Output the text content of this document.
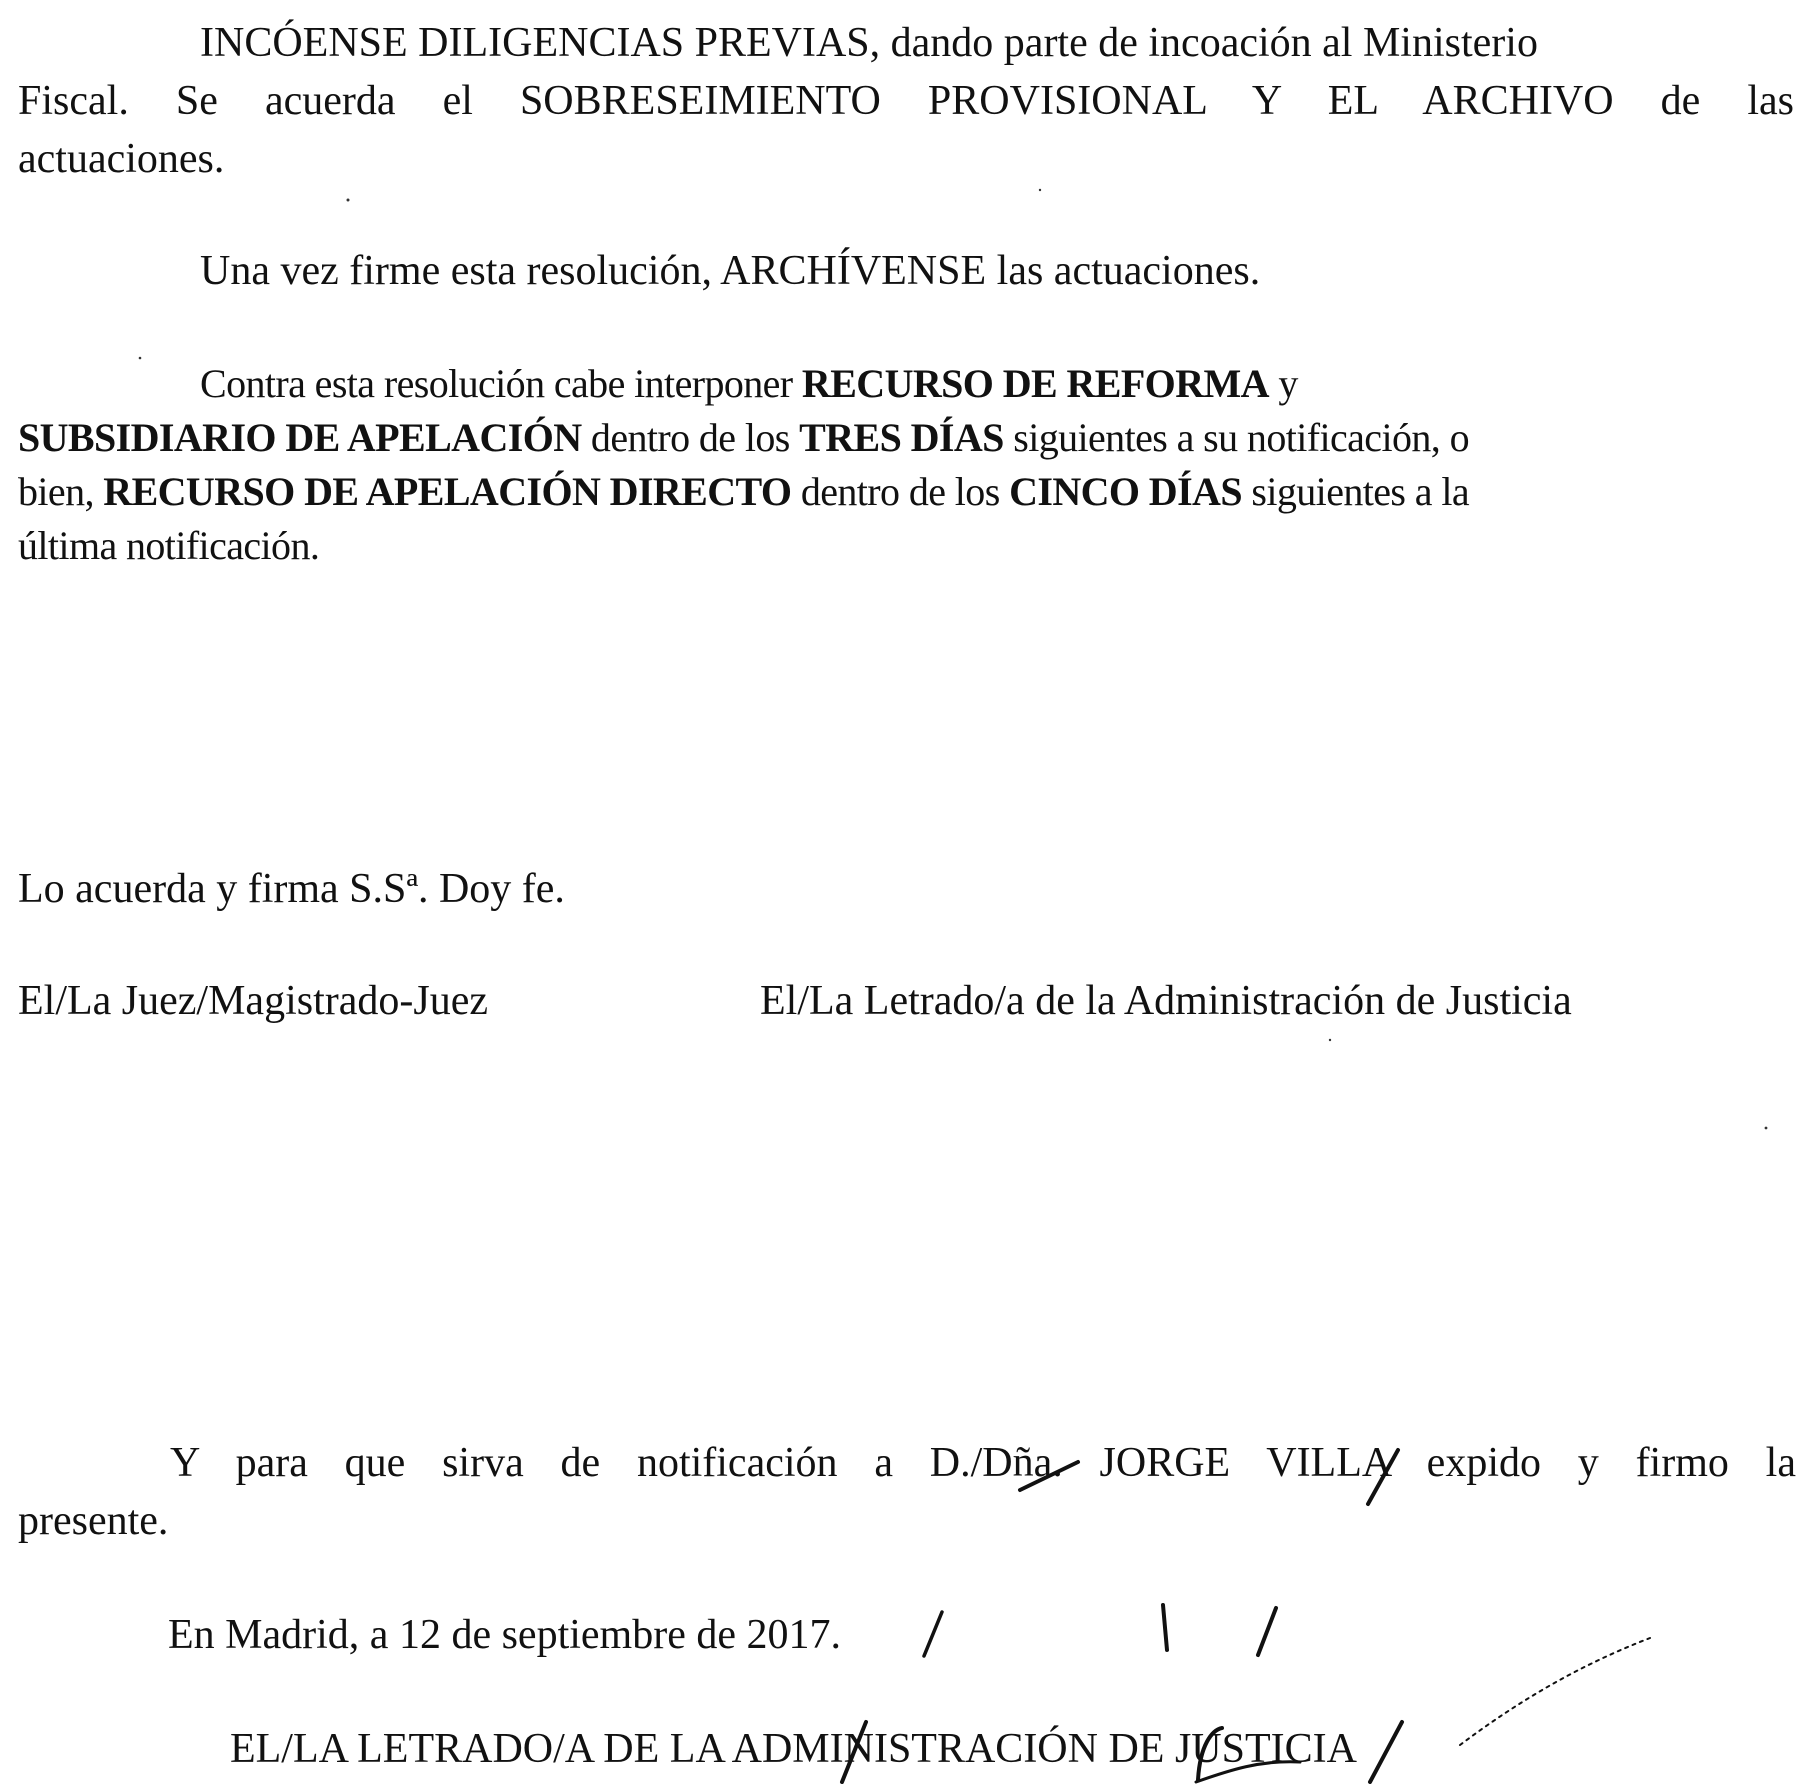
INCÓENSE DILIGENCIAS PREVIAS, dando parte de incoación al Ministerio
Fiscal. Se acuerda el SOBRESEIMIENTO PROVISIONAL Y EL ARCHIVO de las
actuaciones.
Una vez firme esta resolución, ARCHÍVENSE las actuaciones.
Contra esta resolución cabe interponer RECURSO DE REFORMA y
SUBSIDIARIO DE APELACIÓN dentro de los TRES DÍAS siguientes a su notificación, o
bien, RECURSO DE APELACIÓN DIRECTO dentro de los CINCO DÍAS siguientes a la
última notificación.
Lo acuerda y firma S.Sª. Doy fe.
El/La Juez/Magistrado-Juez	El/La Letrado/a de la Administración de Justicia
Y para que sirva de notificación a D./Dña. JORGE VILLA expido y firmo la
presente.
En Madrid, a 12 de septiembre de 2017.
EL/LA LETRADO/A DE LA ADMINISTRACIÓN DE JUSTICIA
